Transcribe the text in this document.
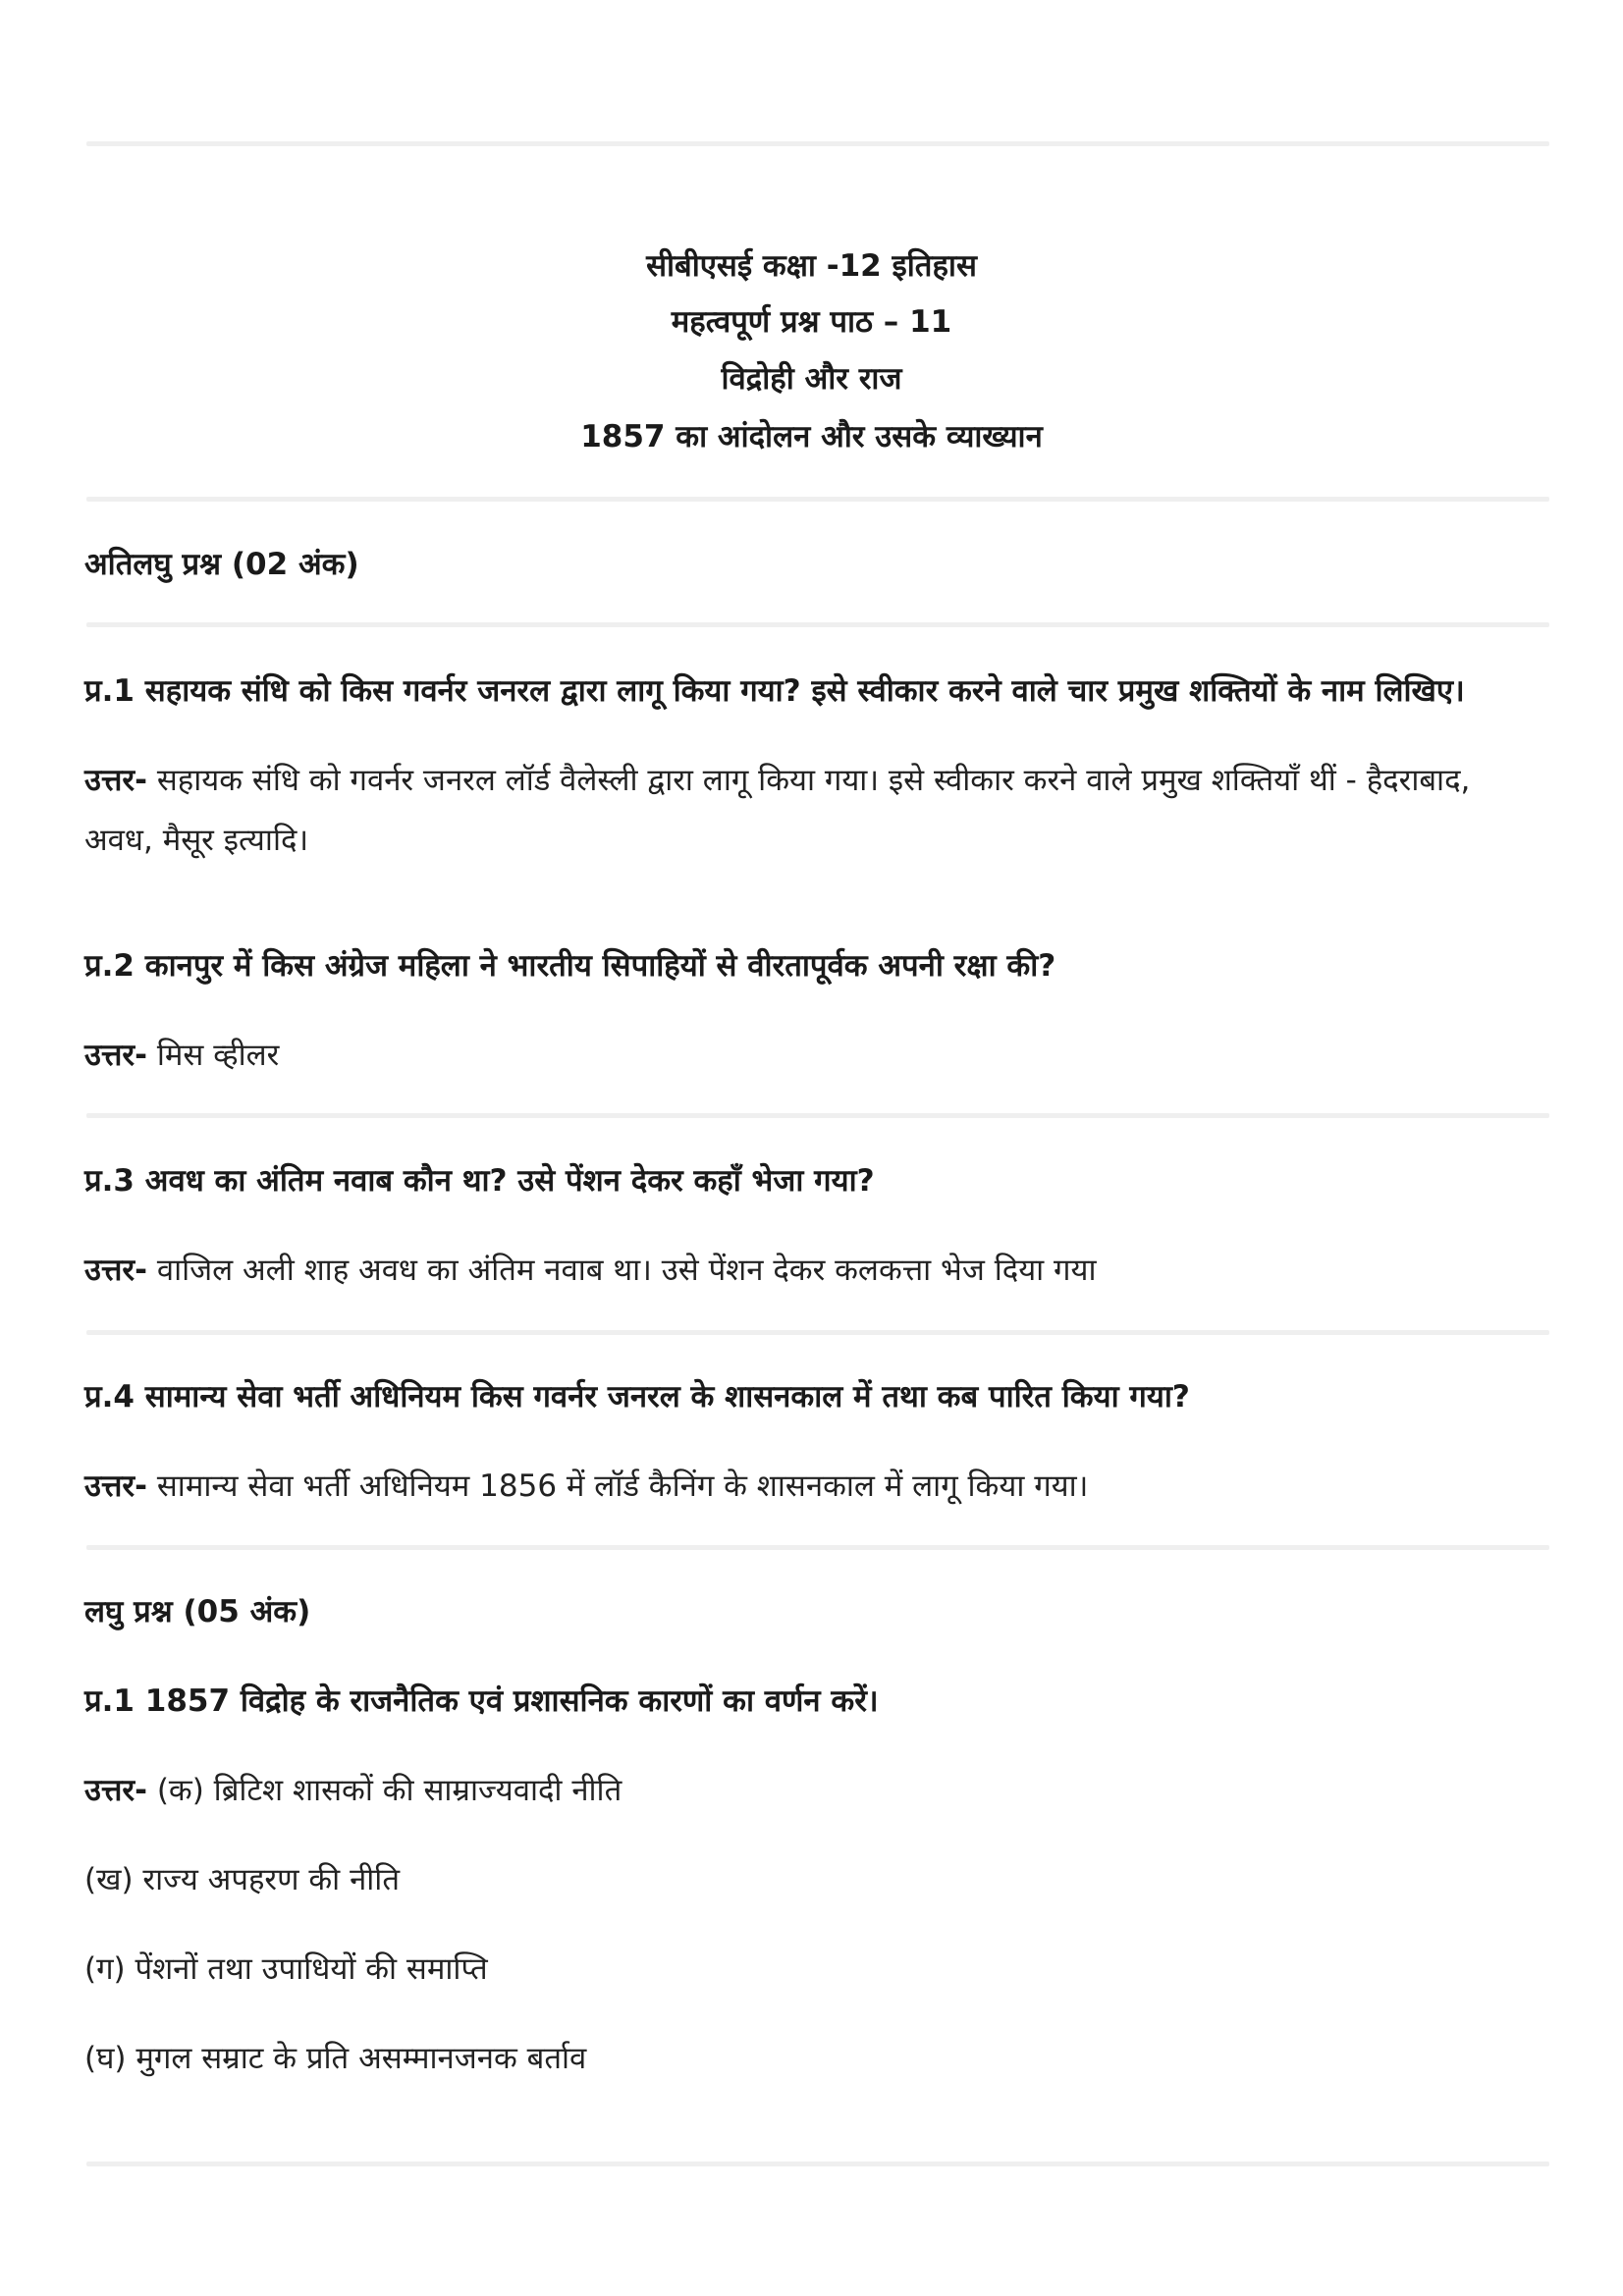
सीबीएसई कक्षा -12 इतिहास
महत्वपूर्ण प्रश्न पाठ – 11
विद्रोही और राज
1857 का आंदोलन और उसके व्याख्यान
अतिलघु प्रश्न (02 अंक)
प्र.1 सहायक संधि को किस गवर्नर जनरल द्वारा लागू किया गया? इसे स्वीकार करने वाले चार प्रमुख शक्तियों के नाम लिखिए।
उत्तर- सहायक संधि को गवर्नर जनरल लॉर्ड वैलेस्ली द्वारा लागू किया गया। इसे स्वीकार करने वाले प्रमुख शक्तियाँ थीं - हैदराबाद,
अवध, मैसूर इत्यादि।
प्र.2 कानपुर में किस अंग्रेज महिला ने भारतीय सिपाहियों से वीरतापूर्वक अपनी रक्षा की?
उत्तर- मिस व्हीलर
प्र.3 अवध का अंतिम नवाब कौन था? उसे पेंशन देकर कहाँ भेजा गया?
उत्तर- वाजिल अली शाह अवध का अंतिम नवाब था। उसे पेंशन देकर कलकत्ता भेज दिया गया
प्र.4 सामान्य सेवा भर्ती अधिनियम किस गवर्नर जनरल के शासनकाल में तथा कब पारित किया गया?
उत्तर- सामान्य सेवा भर्ती अधिनियम 1856 में लॉर्ड कैनिंग के शासनकाल में लागू किया गया।
लघु प्रश्न (05 अंक)
प्र.1 1857 विद्रोह के राजनैतिक एवं प्रशासनिक कारणों का वर्णन करें।
उत्तर- (क) ब्रिटिश शासकों की साम्राज्यवादी नीति
(ख) राज्य अपहरण की नीति
(ग) पेंशनों तथा उपाधियों की समाप्ति
(घ) मुगल सम्राट के प्रति असम्मानजनक बर्ताव
